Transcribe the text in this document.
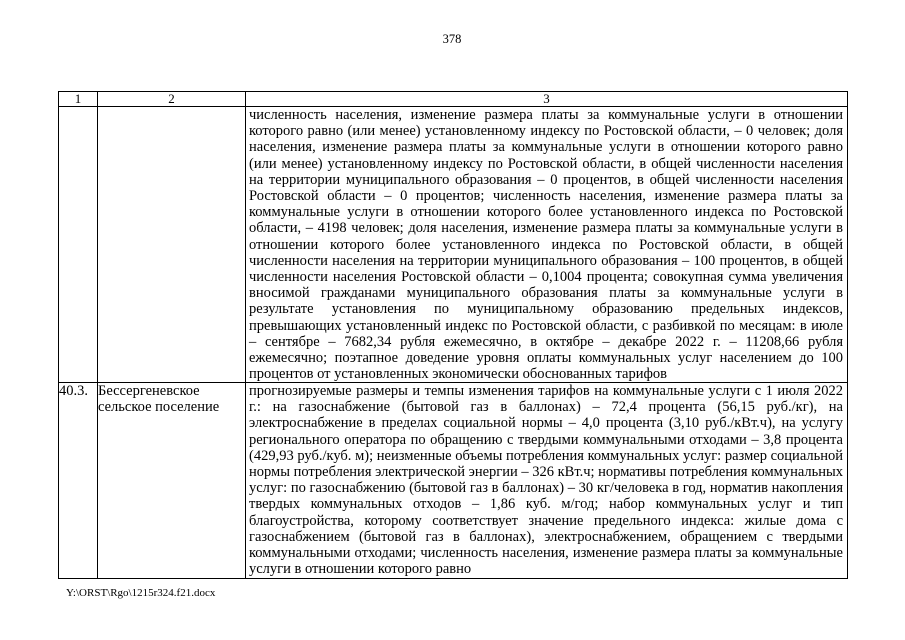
378
1	2	3

		численность населения, изменение размера платы за коммунальные услуги в отношении которого равно (или менее) установленному индексу по Ростовской области, – 0 человек; доля населения, изменение размера платы за коммунальные услуги в отношении которого равно (или менее) установленному индексу по Ростовской области, в общей численности населения на территории муниципального образования – 0 процентов, в общей численности населения Ростовской области – 0 процентов; численность населения, изменение размера платы за коммунальные услуги в отношении которого более установленного индекса по Ростовской области, – 4198 человек; доля населения, изменение размера платы за коммунальные услуги в отношении которого более установленного индекса по Ростовской области, в общей численности населения на территории муниципального образования – 100 процентов, в общей численности населения Ростовской области – 0,1004 процента; совокупная сумма увеличения вносимой гражданами муниципального образования платы за коммунальные услуги в результате установления по муниципальному образованию предельных индексов, превышающих установленный индекс по Ростовской области, с разбивкой по месяцам: в июле – сентябре – 7682,34 рубля ежемесячно, в октябре – декабре 2022 г. – 11208,66 рубля ежемесячно; поэтапное доведение уровня оплаты коммунальных услуг населением до 100 процентов от установленных экономически обоснованных тарифов

40.3.	Бессергеневское сельское поселение	прогнозируемые размеры и темпы изменения тарифов на коммунальные услуги с 1 июля 2022 г.: на газоснабжение (бытовой газ в баллонах) – 72,4 процента (56,15 руб./кг), на электроснабжение в пределах социальной нормы – 4,0 процента (3,10 руб./кВт.ч), на услугу регионального оператора по обращению с твердыми коммунальными отходами – 3,8 процента (429,93 руб./куб. м); неизменные объемы потребления коммунальных услуг: размер социальной нормы потребления электрической энергии – 326 кВт.ч; нормативы потребления коммунальных услуг: по газоснабжению (бытовой газ в баллонах) – 30 кг/человека в год, норматив накопления твердых коммунальных отходов – 1,86 куб. м/год; набор коммунальных услуг и тип благоустройства, которому соответствует значение предельного индекса: жилые дома с газоснабжением (бытовой газ в баллонах), электроснабжением, обращением с твердыми коммунальными отходами; численность населения, изменение размера платы за коммунальные услуги в отношении которого равно
Y:\ORST\Rgo\1215r324.f21.docx
